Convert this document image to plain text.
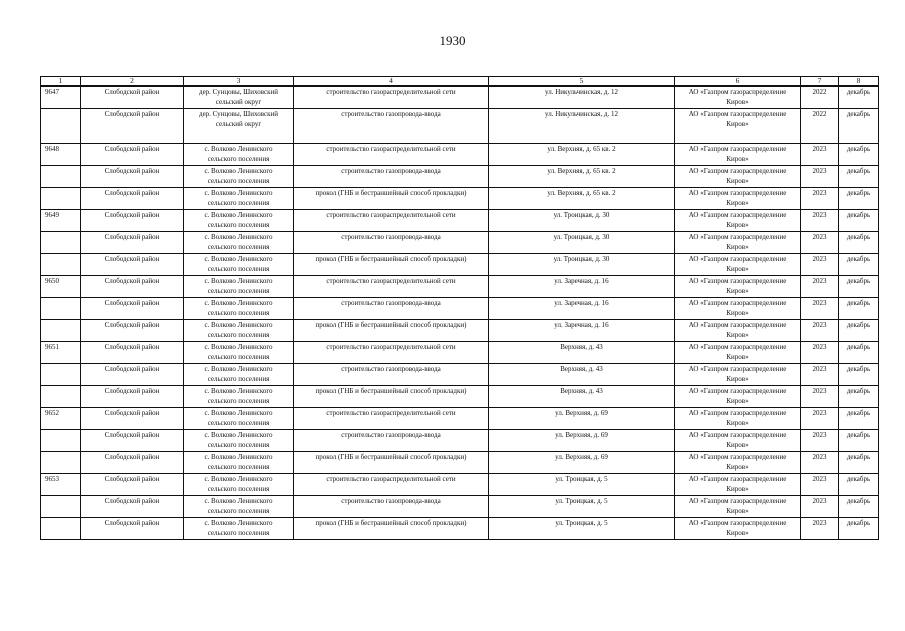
1930
1	2	3	4	5	6	7	8
9647	Слободской район	дер. Сунцовы, Шиховский
сельский округ	строительство газораспределительной сети	ул. Никульчинская, д. 12	АО «Газпром газораспределение
Киров»	2022	декабрь
	Слободской район	дер. Сунцовы, Шиховский
сельский округ	строительство газопровода-ввода	ул. Никульчинская, д. 12	АО «Газпром газораспределение
Киров»	2022	декабрь
9648	Слободской район	с. Волково Ленинского
сельского поселения	строительство газораспределительной сети	ул. Верхняя, д. 65 кв. 2	АО «Газпром газораспределение
Киров»	2023	декабрь
	Слободской район	с. Волково Ленинского
сельского поселения	строительство газопровода-ввода	ул. Верхняя, д. 65 кв. 2	АО «Газпром газораспределение
Киров»	2023	декабрь
	Слободской район	с. Волково Ленинского
сельского поселения	прокол (ГНБ и бестраншейный способ прокладки)	ул. Верхняя, д. 65 кв. 2	АО «Газпром газораспределение
Киров»	2023	декабрь
9649	Слободской район	с. Волково Ленинского
сельского поселения	строительство газораспределительной сети	ул. Троицкая, д. 30	АО «Газпром газораспределение
Киров»	2023	декабрь
	Слободской район	с. Волково Ленинского
сельского поселения	строительство газопровода-ввода	ул. Троицкая, д. 30	АО «Газпром газораспределение
Киров»	2023	декабрь
	Слободской район	с. Волково Ленинского
сельского поселения	прокол (ГНБ и бестраншейный способ прокладки)	ул. Троицкая, д. 30	АО «Газпром газораспределение
Киров»	2023	декабрь
9650	Слободской район	с. Волково Ленинского
сельского поселения	строительство газораспределительной сети	ул. Заречная, д. 16	АО «Газпром газораспределение
Киров»	2023	декабрь
	Слободской район	с. Волково Ленинского
сельского поселения	строительство газопровода-ввода	ул. Заречная, д. 16	АО «Газпром газораспределение
Киров»	2023	декабрь
	Слободской район	с. Волково Ленинского
сельского поселения	прокол (ГНБ и бестраншейный способ прокладки)	ул. Заречная, д. 16	АО «Газпром газораспределение
Киров»	2023	декабрь
9651	Слободской район	с. Волково Ленинского
сельского поселения	строительство газораспределительной сети	Верхняя, д. 43	АО «Газпром газораспределение
Киров»	2023	декабрь
	Слободской район	с. Волково Ленинского
сельского поселения	строительство газопровода-ввода	Верхняя, д. 43	АО «Газпром газораспределение
Киров»	2023	декабрь
	Слободской район	с. Волково Ленинского
сельского поселения	прокол (ГНБ и бестраншейный способ прокладки)	Верхняя, д. 43	АО «Газпром газораспределение
Киров»	2023	декабрь
9652	Слободской район	с. Волково Ленинского
сельского поселения	строительство газораспределительной сети	ул. Верхняя, д. 69	АО «Газпром газораспределение
Киров»	2023	декабрь
	Слободской район	с. Волково Ленинского
сельского поселения	строительство газопровода-ввода	ул. Верхняя, д. 69	АО «Газпром газораспределение
Киров»	2023	декабрь
	Слободской район	с. Волково Ленинского
сельского поселения	прокол (ГНБ и бестраншейный способ прокладки)	ул. Верхняя, д. 69	АО «Газпром газораспределение
Киров»	2023	декабрь
9653	Слободской район	с. Волково Ленинского
сельского поселения	строительство газораспределительной сети	ул. Троицкая, д. 5	АО «Газпром газораспределение
Киров»	2023	декабрь
	Слободской район	с. Волково Ленинского
сельского поселения	строительство газопровода-ввода	ул. Троицкая, д. 5	АО «Газпром газораспределение
Киров»	2023	декабрь
	Слободской район	с. Волково Ленинского
сельского поселения	прокол (ГНБ и бестраншейный способ прокладки)	ул. Троицкая, д. 5	АО «Газпром газораспределение
Киров»	2023	декабрь
